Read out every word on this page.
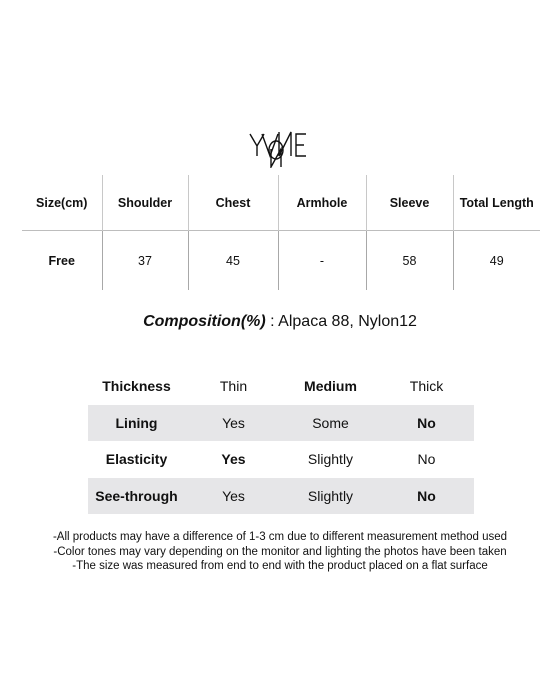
Size(cm)	Shoulder	Chest	Armhole	Sleeve	Total Length
Free	37	45	-	58	49
Composition(%) : Alpaca 88, Nylon12
Thickness	Thin	Medium	Thick
Lining	Yes	Some	No
Elasticity	Yes	Slightly	No
See-through	Yes	Slightly	No
-All products may have a difference of 1-3 cm due to different measurement method used
-Color tones may vary depending on the monitor and lighting the photos have been taken
-The size was measured from end to end with the product placed on a flat surface
